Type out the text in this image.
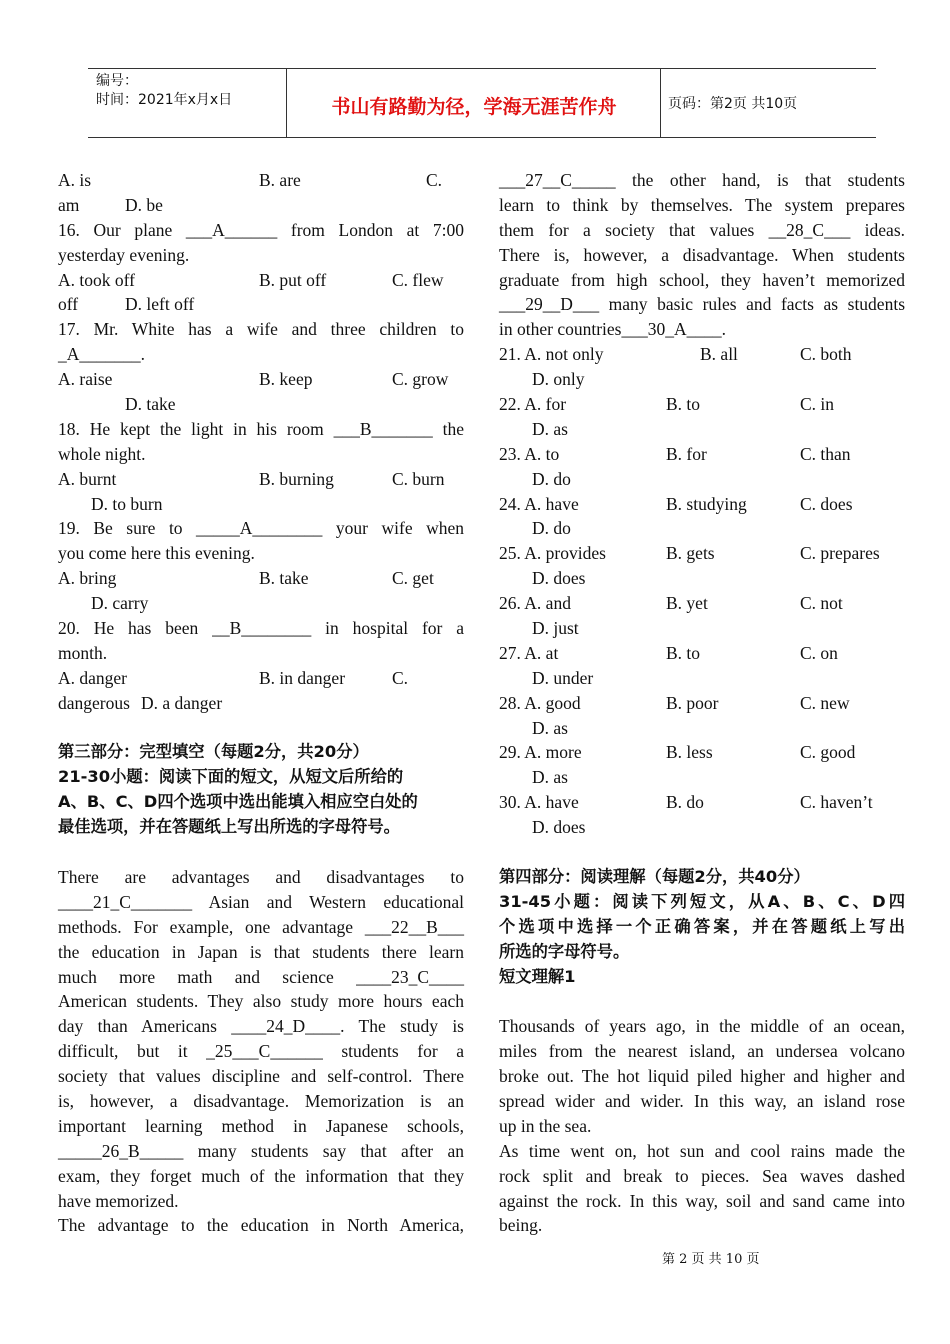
编号：
时间：2021年x月x日	书山有路勤为径，学海无涯苦作舟	页码：第2页 共10页
A. is	B. are	C.
am	D. be
16. Our plane ___A______ from London at 7:00
yesterday evening.
A. took off	B. put off	C. flew
off	D. left off
17. Mr. White has a wife and three children to
_A_______.
A. raise	B. keep	C. grow
D. take
18. He kept the light in his room ___B_______ the
whole night.
A. burnt	B. burning	C. burn
D. to burn
19. Be sure to _____A________ your wife when
you come here this evening.
A. bring	B. take	C. get
D. carry
20. He has been __B________ in hospital for a
month.
A. danger	B. in danger	C.
dangerous D. a danger
第三部分：完型填空（每题2分，共20分）
21-30小题：阅读下面的短文，从短文后所给的
A、B、C、D四个选项中选出能填入相应空白处的
最佳选项，并在答题纸上写出所选的字母符号。
There are advantages and disadvantages to
____21_C_______ Asian and Western educational
methods. For example, one advantage ___22__B___
the education in Japan is that students there learn
much more math and science ____23_C____
American students. They also study more hours each
day than Americans ____24_D____. The study is
difficult, but it _25___C______ students for a
society that values discipline and self-control. There
is, however, a disadvantage. Memorization is an
important learning method in Japanese schools,
_____26_B_____ many students say that after an
exam, they forget much of the information that they
have memorized.
The advantage to the education in North America,
___27__C_____ the other hand, is that students
learn to think by themselves. The system prepares
them for a society that values __28_C___ ideas.
There is, however, a disadvantage. When students
graduate from high school, they haven’t memorized
___29__D___ many basic rules and facts as students
in other countries___30_A____.
21. A. not only	B. all	C. both
D. only
22. A. for	B. to	C. in
D. as
23. A. to	B. for	C. than
D. do
24. A. have	B. studying	C. does
D. do
25. A. provides	B. gets	C. prepares
D. does
26. A. and	B. yet	C. not
D. just
27. A. at	B. to	C. on
D. under
28. A. good	B. poor	C. new
D. as
29. A. more	B. less	C. good
D. as
30. A. have	B. do	C. haven’t
D. does
第四部分：阅读理解（每题2分，共40分）
31-45小题：阅读下列短文，从A、B、C、D四
个选项中选择一个正确答案，并在答题纸上写出
所选的字母符号。
短文理解1
Thousands of years ago, in the middle of an ocean,
miles from the nearest island, an undersea volcano
broke out. The hot liquid piled higher and higher and
spread wider and wider. In this way, an island rose
up in the sea.
As time went on, hot sun and cool rains made the
rock split and break to pieces. Sea waves dashed
against the rock. In this way, soil and sand came into
being.
第 2 页 共 10 页
